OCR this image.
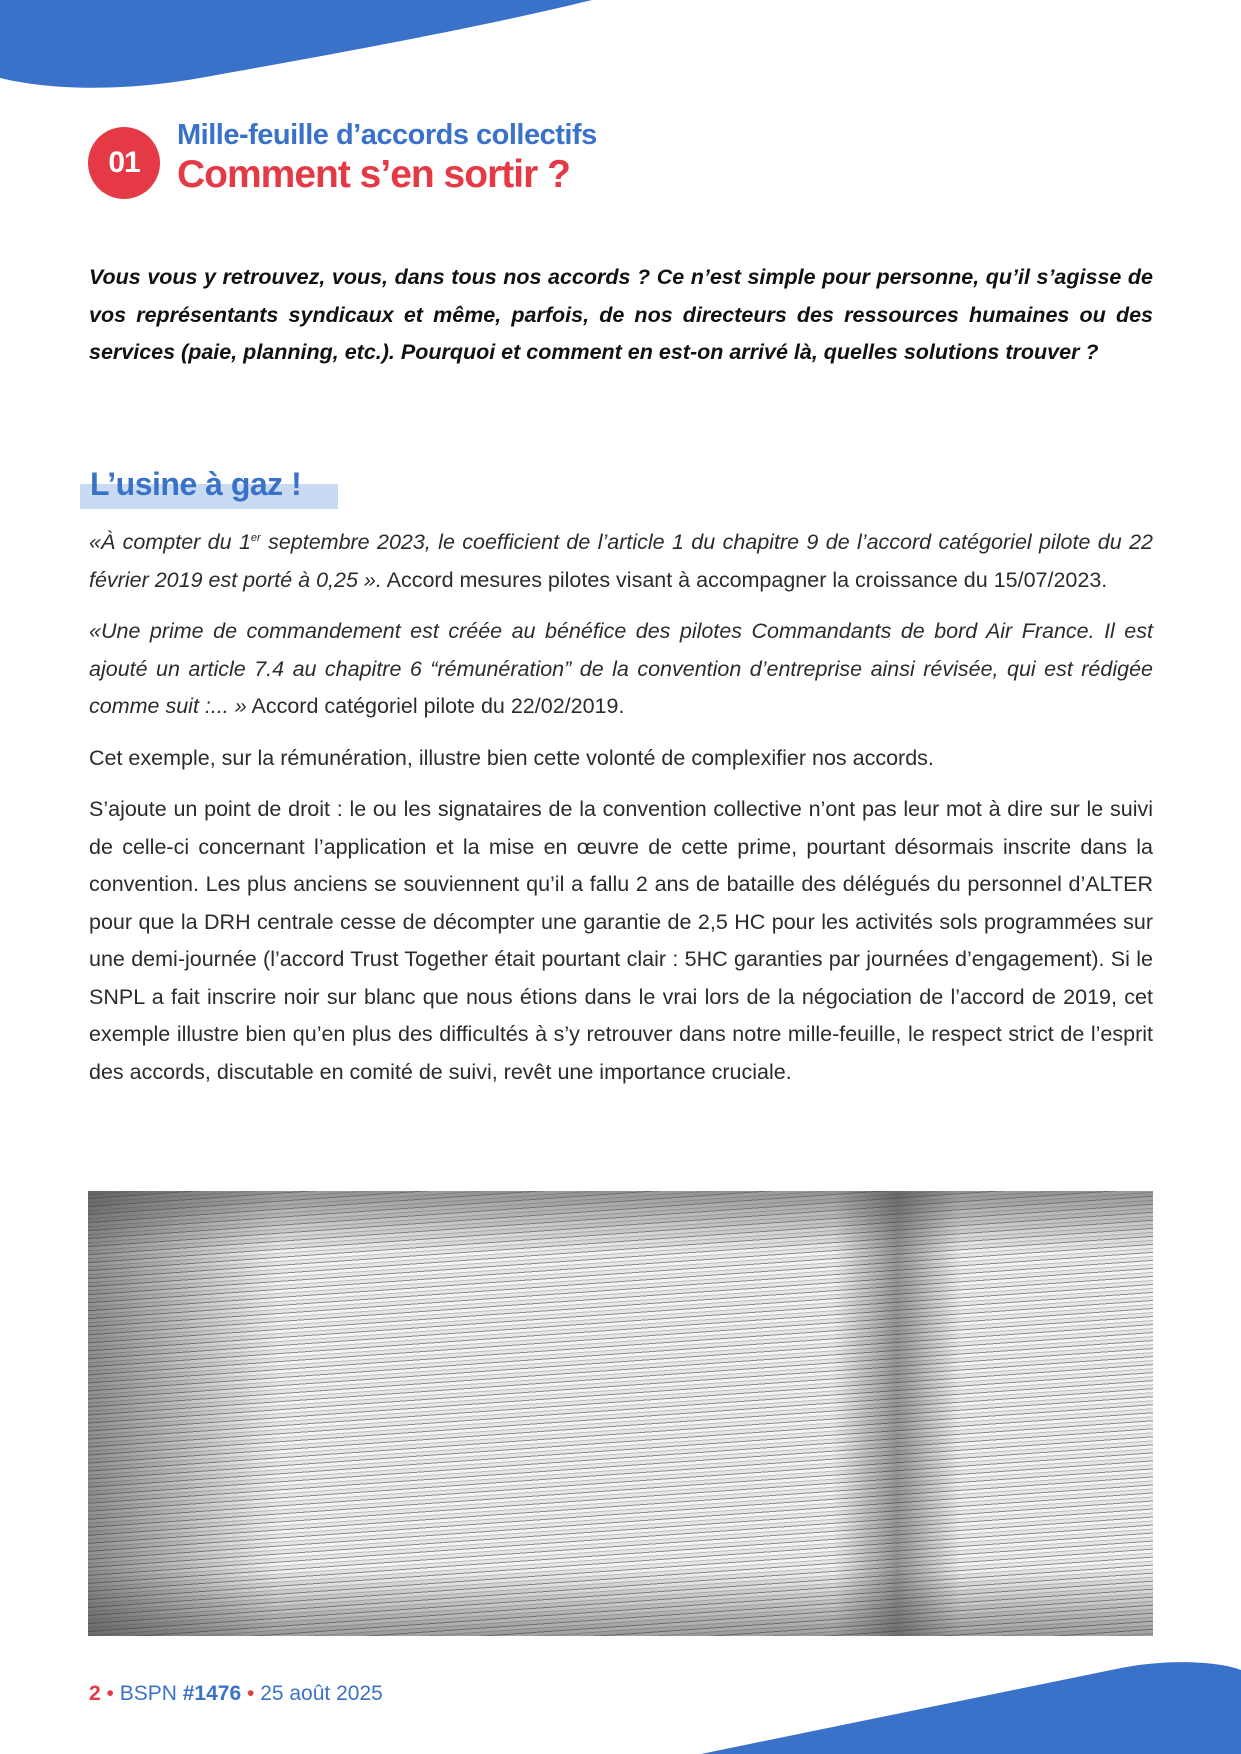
01
Mille-feuille d’accords collectifs
Comment s’en sortir ?

Vous vous y retrouvez, vous, dans tous nos accords ? Ce n’est simple pour personne, qu’il s’agisse de vos représentants syndicaux et même, parfois, de nos directeurs des ressources humaines ou des services (paie, planning, etc.). Pourquoi et comment en est-on arrivé là, quelles solutions trouver ?

L’usine à gaz !

«À compter du 1er septembre 2023, le coefficient de l’article 1 du chapitre 9 de l’accord catégoriel pilote du 22 février 2019 est porté à 0,25 ». Accord mesures pilotes visant à accompagner la croissance du 15/07/2023.

«Une prime de commandement est créée au bénéfice des pilotes Commandants de bord Air France. Il est ajouté un article 7.4 au chapitre 6 “rémunération” de la convention d’entreprise ainsi révisée, qui est rédigée comme suit :... » Accord catégoriel pilote du 22/02/2019.

Cet exemple, sur la rémunération, illustre bien cette volonté de complexifier nos accords.

S’ajoute un point de droit : le ou les signataires de la convention collective n’ont pas leur mot à dire sur le suivi de celle-ci concernant l’application et la mise en œuvre de cette prime, pourtant désormais inscrite dans la convention. Les plus anciens se souviennent qu’il a fallu 2 ans de bataille des délégués du personnel d’ALTER pour que la DRH centrale cesse de décompter une garantie de 2,5 HC pour les activités sols programmées sur une demi-journée (l’accord Trust Together était pourtant clair : 5HC garanties par journées d’engagement). Si le SNPL a fait inscrire noir sur blanc que nous étions dans le vrai lors de la négociation de l’accord de 2019, cet exemple illustre bien qu’en plus des difficultés à s’y retrouver dans notre mille-feuille, le respect strict de l’esprit des accords, discutable en comité de suivi, revêt une importance cruciale.

2 • BSPN #1476 • 25 août 2025
